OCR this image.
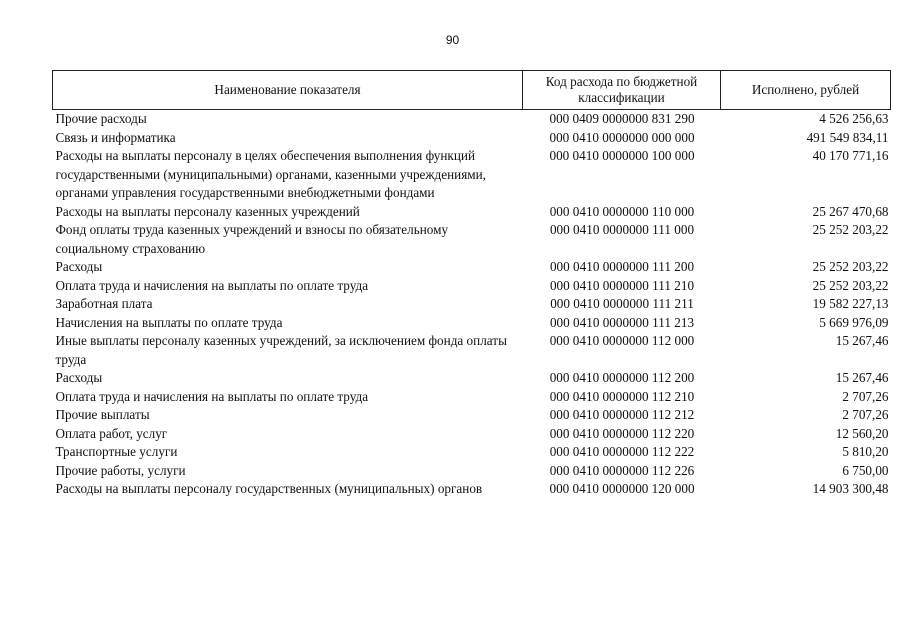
90
Наименование показателя	Код расхода по бюджетной классификации	Исполнено, рублей
Прочие расходы	000 0409 0000000 831 290	4 526 256,63
Связь и информатика	000 0410 0000000 000 000	491 549 834,11
Расходы на выплаты персоналу в целях обеспечения выполнения функций государственными (муниципальными) органами, казенными учреждениями, органами управления государственными внебюджетными фондами	000 0410 0000000 100 000	40 170 771,16
Расходы на выплаты персоналу казенных учреждений	000 0410 0000000 110 000	25 267 470,68
Фонд оплаты труда казенных учреждений и взносы по обязательному социальному страхованию	000 0410 0000000 111 000	25 252 203,22
Расходы	000 0410 0000000 111 200	25 252 203,22
Оплата труда и начисления на выплаты по оплате труда	000 0410 0000000 111 210	25 252 203,22
Заработная плата	000 0410 0000000 111 211	19 582 227,13
Начисления на выплаты по оплате труда	000 0410 0000000 111 213	5 669 976,09
Иные выплаты персоналу казенных учреждений, за исключением фонда оплаты труда	000 0410 0000000 112 000	15 267,46
Расходы	000 0410 0000000 112 200	15 267,46
Оплата труда и начисления на выплаты по оплате труда	000 0410 0000000 112 210	2 707,26
Прочие выплаты	000 0410 0000000 112 212	2 707,26
Оплата работ, услуг	000 0410 0000000 112 220	12 560,20
Транспортные услуги	000 0410 0000000 112 222	5 810,20
Прочие работы, услуги	000 0410 0000000 112 226	6 750,00
Расходы на выплаты персоналу государственных (муниципальных) органов	000 0410 0000000 120 000	14 903 300,48
